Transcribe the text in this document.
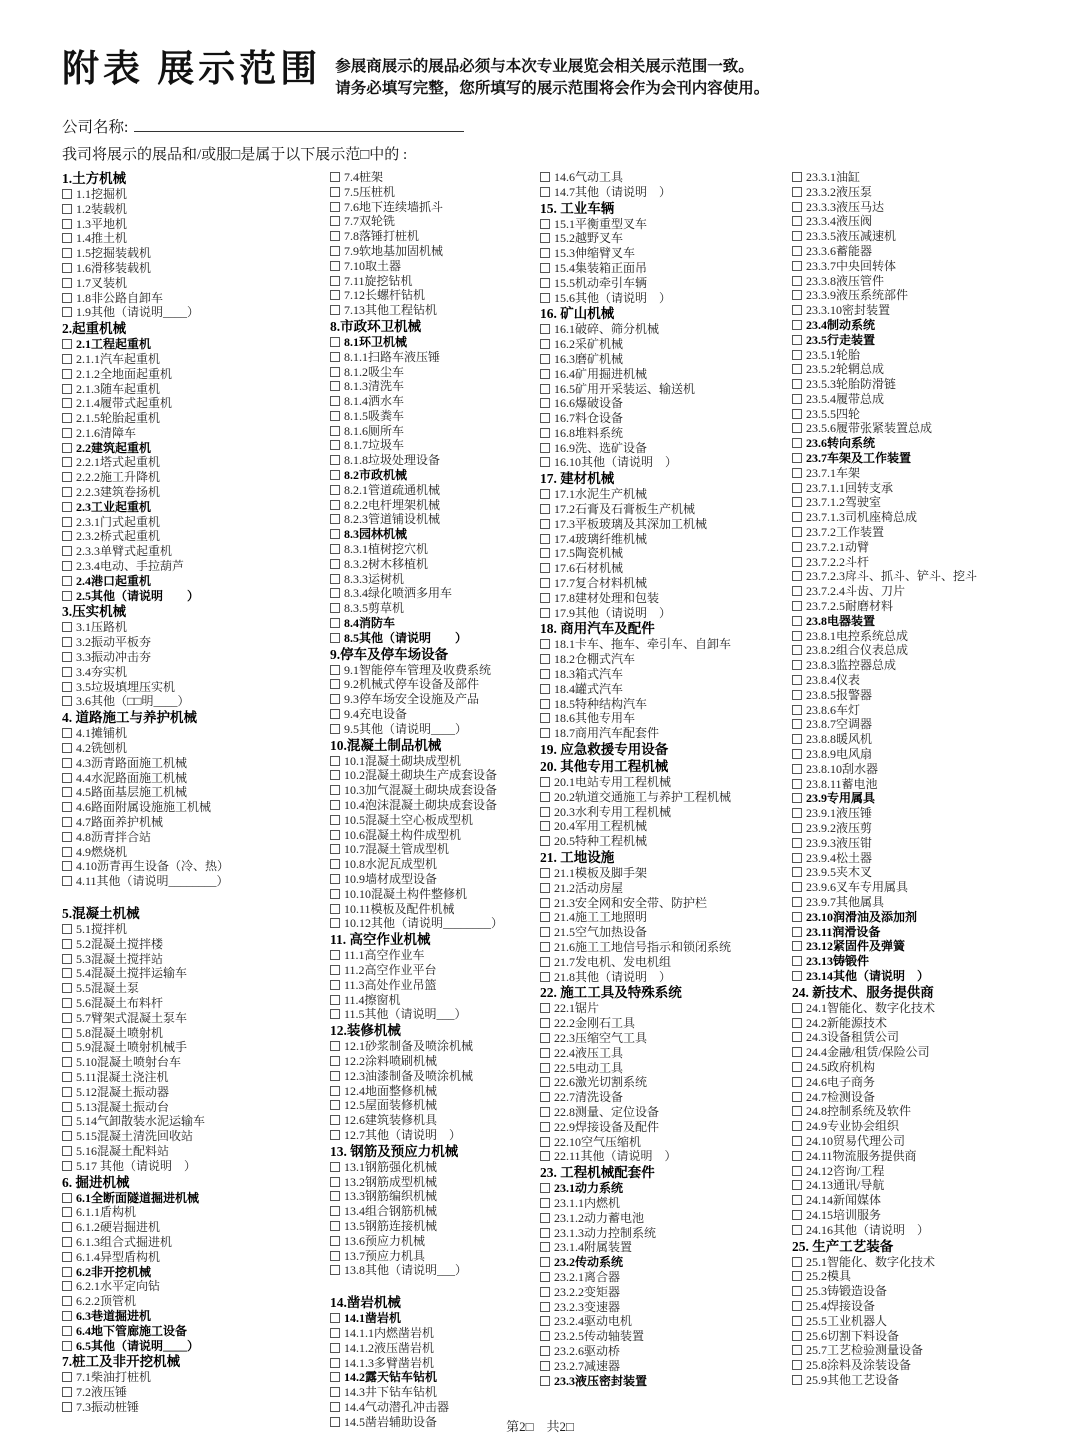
附表 展示范围 参展商展示的展品必须与本次专业展览会相关展示范围一致。
请务必填写完整，您所填写的展示范围将会作为会刊内容使用。
公司名称:
我司将展示的展品和/或服□是属于以下展示范□中的 :
1.土方机械
1.1挖掘机
1.2装载机
1.3平地机
1.4推土机
1.5挖掘装载机
1.6滑移装载机
1.7叉装机
1.8非公路自卸车
1.9其他（请说明____）
2.起重机械
2.1工程起重机
2.1.1汽车起重机
2.1.2全地面起重机
2.1.3随车起重机
2.1.4履带式起重机
2.1.5轮胎起重机
2.1.6清障车
2.2建筑起重机
2.2.1塔式起重机
2.2.2施工升降机
2.2.3建筑卷扬机
2.3工业起重机
2.3.1门式起重机
2.3.2桥式起重机
2.3.3单臂式起重机
2.3.4电动、手拉葫芦
2.4港口起重机
2.5其他（请说明　　）
3.压实机械
3.1压路机
3.2振动平板夯
3.3振动冲击夯
3.4夯实机
3.5垃圾填埋压实机
3.6其他（□□明____）
4. 道路施工与养护机械
4.1摊铺机
4.2铣刨机
4.3沥青路面施工机械
4.4水泥路面施工机械
4.5路面基层施工机械
4.6路面附属设施施工机械
4.7路面养护机械
4.8沥青拌合站
4.9燃烧机
4.10沥青再生设备（冷、热）
4.11其他（请说明________）
5.混凝土机械
5.1搅拌机
5.2混凝土搅拌楼
5.3混凝土搅拌站
5.4混凝土搅拌运输车
5.5混凝土泵
5.6混凝土布料杆
5.7臂架式混凝土泵车
5.8混凝土喷射机
5.9混凝土喷射机械手
5.10混凝土喷射台车
5.11混凝土浇注机
5.12混凝土振动器
5.13混凝土振动台
5.14气卸散装水泥运输车
5.15混凝土清洗回收站
5.16混凝土配料站
5.17 其他（请说明　）
6. 掘进机械
6.1全断面隧道掘进机械
6.1.1盾构机
6.1.2硬岩掘进机
6.1.3组合式掘进机
6.1.4异型盾构机
6.2非开挖机械
6.2.1水平定向钻
6.2.2顶管机
6.3巷道掘进机
6.4地下管廊施工设备
6.5其他（请说明____）
7.桩工及非开挖机械
7.1柴油打桩机
7.2液压锤
7.3振动桩锤
7.4桩架
7.5压桩机
7.6地下连续墙抓斗
7.7双轮铣
7.8落锤打桩机
7.9软地基加固机械
7.10取土器
7.11旋挖钻机
7.12长螺杆钻机
7.13其他工程钻机
8.市政环卫机械
8.1环卫机械
8.1.1扫路车液压锤
8.1.2吸尘车
8.1.3清洗车
8.1.4洒水车
8.1.5吸粪车
8.1.6厕所车
8.1.7垃圾车
8.1.8垃圾处理设备
8.2市政机械
8.2.1管道疏通机械
8.2.2电杆埋架机械
8.2.3管道铺设机械
8.3园林机械
8.3.1植树挖穴机
8.3.2树木移植机
8.3.3运树机
8.3.4绿化喷洒多用车
8.3.5剪草机
8.4消防车
8.5其他（请说明　　）
9.停车及停车场设备
9.1智能停车管理及收费系统
9.2机械式停车设备及部件
9.3停车场安全设施及产品
9.4充电设备
9.5其他（请说明____）
10.混凝土制品机械
10.1混凝土砌块成型机
10.2混凝土砌块生产成套设备
10.3加气混凝土砌块成套设备
10.4泡沫混凝土砌块成套设备
10.5混凝土空心板成型机
10.6混凝土构件成型机
10.7混凝土管成型机
10.8水泥瓦成型机
10.9墙材成型设备
10.10混凝土构件整修机
10.11模板及配件机械
10.12其他（请说明________）
11. 高空作业机械
11.1高空作业车
11.2高空作业平台
11.3高处作业吊篮
11.4擦窗机
11.5其他（请说明___）
12.装修机械
12.1砂浆制备及喷涂机械
12.2涂料喷刷机械
12.3油漆制备及喷涂机械
12.4地面整修机械
12.5屋面装修机械
12.6建筑装修机具
12.7其他（请说明　）
13. 钢筋及预应力机械
13.1钢筋强化机械
13.2钢筋成型机械
13.3钢筋编织机械
13.4组合钢筋机械
13.5钢筋连接机械
13.6预应力机械
13.7预应力机具
13.8其他（请说明___）
14.凿岩机械
14.1凿岩机
14.1.1内燃凿岩机
14.1.2液压凿岩机
14.1.3多臂凿岩机
14.2露天钻车钻机
14.3井下钻车钻机
14.4气动潜孔冲击器
14.5凿岩辅助设备
14.6气动工具
14.7其他（请说明　）
15. 工业车辆
15.1平衡重型叉车
15.2越野叉车
15.3伸缩臂叉车
15.4集装箱正面吊
15.5机动牵引车辆
15.6其他（请说明　）
16. 矿山机械
16.1破碎、筛分机械
16.2采矿机械
16.3磨矿机械
16.4矿用掘进机械
16.5矿用开采装运、输送机
16.6爆破设备
16.7料仓设备
16.8堆料系统
16.9洗、选矿设备
16.10其他（请说明　）
17. 建材机械
17.1水泥生产机械
17.2石膏及石膏板生产机械
17.3平板玻璃及其深加工机械
17.4玻璃纤维机械
17.5陶瓷机械
17.6石材机械
17.7复合材料机械
17.8建材处理和包装
17.9其他（请说明　）
18. 商用汽车及配件
18.1卡车、拖车、牵引车、自卸车
18.2仓棚式汽车
18.3箱式汽车
18.4罐式汽车
18.5特种结构汽车
18.6其他专用车
18.7商用汽车配套件
19. 应急救援专用设备
20. 其他专用工程机械
20.1电站专用工程机械
20.2轨道交通施工与养护工程机械
20.3水利专用工程机械
20.4军用工程机械
20.5特种工程机械
21. 工地设施
21.1模板及脚手架
21.2活动房屋
21.3安全网和安全带、防护栏
21.4施工工地照明
21.5空气加热设备
21.6施工工地信号指示和锁闭系统
21.7发电机、发电机组
21.8其他（请说明　）
22. 施工工具及特殊系统
22.1锯片
22.2金刚石工具
22.3压缩空气工具
22.4液压工具
22.5电动工具
22.6激光切割系统
22.7清洗设备
22.8测量、定位设备
22.9焊接设备及配件
22.10空气压缩机
22.11其他（请说明　）
23. 工程机械配套件
23.1动力系统
23.1.1内燃机
23.1.2动力蓄电池
23.1.3动力控制系统
23.1.4附属装置
23.2传动系统
23.2.1离合器
23.2.2变矩器
23.2.3变速器
23.2.4驱动电机
23.2.5传动轴装置
23.2.6驱动桥
23.2.7减速器
23.3液压密封装置
23.3.1油缸
23.3.2液压泵
23.3.3液压马达
23.3.4液压阀
23.3.5液压减速机
23.3.6蓄能器
23.3.7中央回转体
23.3.8液压管件
23.3.9液压系统部件
23.3.10密封装置
23.4制动系统
23.5行走装置
23.5.1轮胎
23.5.2轮辋总成
23.5.3轮胎防滑链
23.5.4履带总成
23.5.5四轮
23.5.6履带张紧装置总成
23.6转向系统
23.7车架及工作装置
23.7.1车架
23.7.1.1回转支承
23.7.1.2驾驶室
23.7.1.3司机座椅总成
23.7.2工作装置
23.7.2.1动臂
23.7.2.2斗杆
23.7.2.3戽斗、抓斗、铲斗、挖斗
23.7.2.4斗齿、刀片
23.7.2.5耐磨材料
23.8电器装置
23.8.1电控系统总成
23.8.2组合仪表总成
23.8.3监控器总成
23.8.4仪表
23.8.5报警器
23.8.6车灯
23.8.7空调器
23.8.8暖风机
23.8.9电风扇
23.8.10刮水器
23.8.11蓄电池
23.9专用属具
23.9.1液压锤
23.9.2液压剪
23.9.3液压钳
23.9.4松土器
23.9.5夹木叉
23.9.6叉车专用属具
23.9.7其他属具
23.10润滑油及添加剂
23.11润滑设备
23.12紧固件及弹簧
23.13铸锻件
23.14其他（请说明　）
24. 新技术、服务提供商
24.1智能化、数字化技术
24.2新能源技术
24.3设备租赁公司
24.4金融/租赁/保险公司
24.5政府机构
24.6电子商务
24.7检测设备
24.8控制系统及软件
24.9专业协会组织
24.10贸易代理公司
24.11物流服务提供商
24.12咨询/工程
24.13通讯/导航
24.14新闻媒体
24.15培训服务
24.16其他（请说明　）
25. 生产工艺装备
25.1智能化、数字化技术
25.2模具
25.3铸锻造设备
25.4焊接设备
25.5工业机器人
25.6切割下料设备
25.7工艺检验测量设备
25.8涂料及涂装设备
25.9其他工艺设备
第2□　共2□
